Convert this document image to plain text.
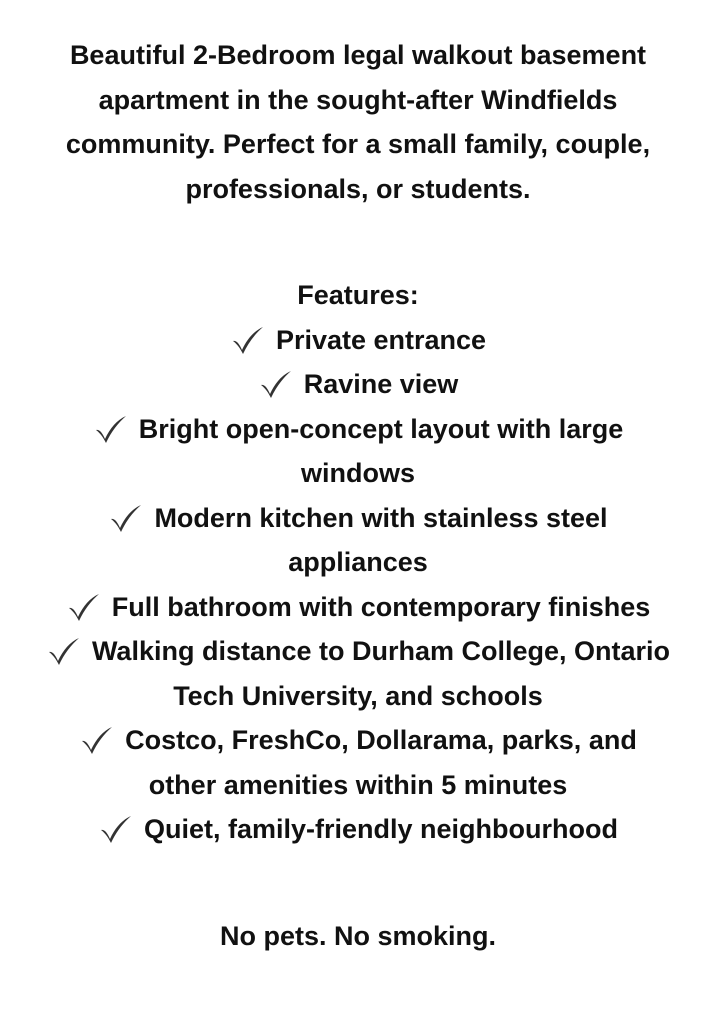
Beautiful 2-Bedroom legal walkout basement
apartment in the sought-after Windfields
community. Perfect for a small family, couple,
professionals, or students.
Features:
Private entrance
Ravine view
Bright open-concept layout with large
windows
Modern kitchen with stainless steel
appliances
Full bathroom with contemporary finishes
Walking distance to Durham College, Ontario
Tech University, and schools
Costco, FreshCo, Dollarama, parks, and
other amenities within 5 minutes
Quiet, family-friendly neighbourhood
No pets. No smoking.
